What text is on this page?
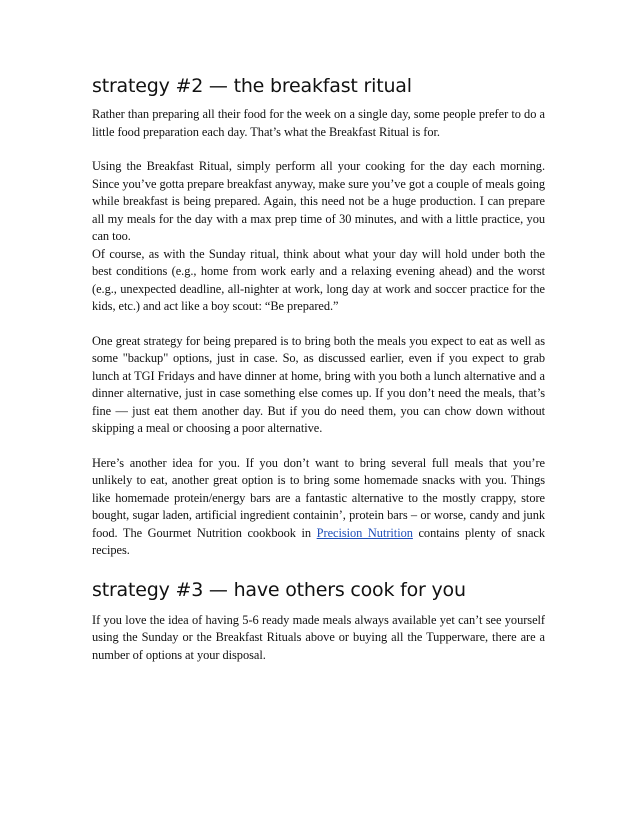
strategy #2 — the breakfast ritual

Rather than preparing all their food for the week on a single day, some people prefer to do a little food preparation each day. That’s what the Breakfast Ritual is for.

Using the Breakfast Ritual, simply perform all your cooking for the day each morning. Since you’ve gotta prepare breakfast anyway, make sure you’ve got a couple of meals going while breakfast is being prepared. Again, this need not be a huge production. I can prepare all my meals for the day with a max prep time of 30 minutes, and with a little practice, you can too.

Of course, as with the Sunday ritual, think about what your day will hold under both the best conditions (e.g., home from work early and a relaxing evening ahead) and the worst (e.g., unexpected deadline, all-nighter at work, long day at work and soccer practice for the kids, etc.) and act like a boy scout: “Be prepared.”

One great strategy for being prepared is to bring both the meals you expect to eat as well as some "backup" options, just in case. So, as discussed earlier, even if you expect to grab lunch at TGI Fridays and have dinner at home, bring with you both a lunch alternative and a dinner alternative, just in case something else comes up. If you don’t need the meals, that’s fine — just eat them another day. But if you do need them, you can chow down without skipping a meal or choosing a poor alternative.

Here’s another idea for you. If you don’t want to bring several full meals that you’re unlikely to eat, another great option is to bring some homemade snacks with you. Things like homemade protein/energy bars are a fantastic alternative to the mostly crappy, store bought, sugar laden, artificial ingredient containin’, protein bars – or worse, candy and junk food. The Gourmet Nutrition cookbook in Precision Nutrition contains plenty of snack recipes.

strategy #3 — have others cook for you

If you love the idea of having 5-6 ready made meals always available yet can’t see yourself using the Sunday or the Breakfast Rituals above or buying all the Tupperware, there are a number of options at your disposal.
